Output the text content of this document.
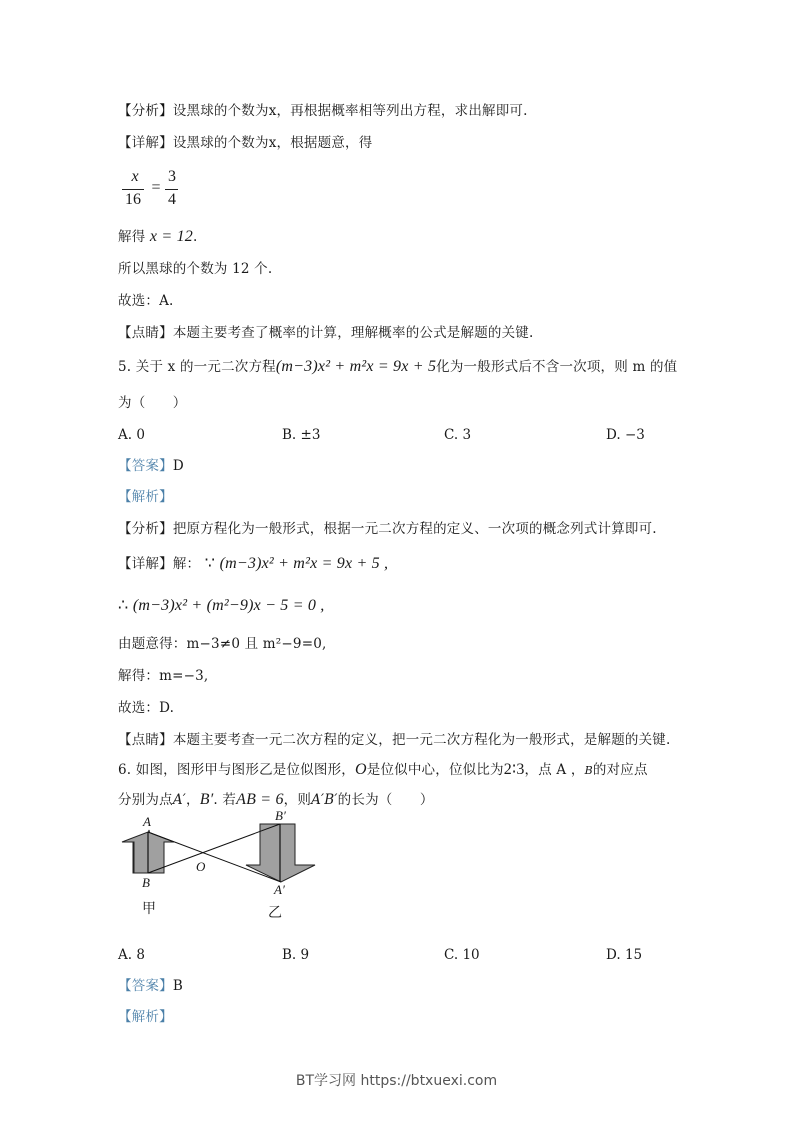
【分析】设黑球的个数为x，再根据概率相等列出方程，求出解即可.
【详解】设黑球的个数为x，根据题意，得
x
16
=
3
4
解得 x = 12.
所以黑球的个数为 12 个.
故选：A.
【点睛】本题主要考查了概率的计算，理解概率的公式是解题的关键.
5. 关于 x 的一元二次方程(m−3)x² + m²x = 9x + 5化为一般形式后不含一次项，则 m 的值
为（　　）
A. 0	B. ±3	C. 3	D. −3
【答案】D
【解析】
【分析】把原方程化为一般形式，根据一元二次方程的定义、一次项的概念列式计算即可.
【详解】解： ∵ (m−3)x² + m²x = 9x + 5 ,
∴ (m−3)x² + (m²−9)x − 5 = 0 ,
由题意得：m−3≠0 且 m²−9=0,
解得：m=−3,
故选：D.
【点睛】本题主要考查一元二次方程的定义，把一元二次方程化为一般形式，是解题的关键.
6. 如图，图形甲与图形乙是位似图形，O是位似中心，位似比为2∶3，点 A ，B的对应点
分别为点A′，B′. 若AB = 6，则A′B′的长为（　　）
A
B
O
A′
B′
甲	乙
A. 8	B. 9	C. 10	D. 15
【答案】B
【解析】
BT学习网 https://btxuexi.com
